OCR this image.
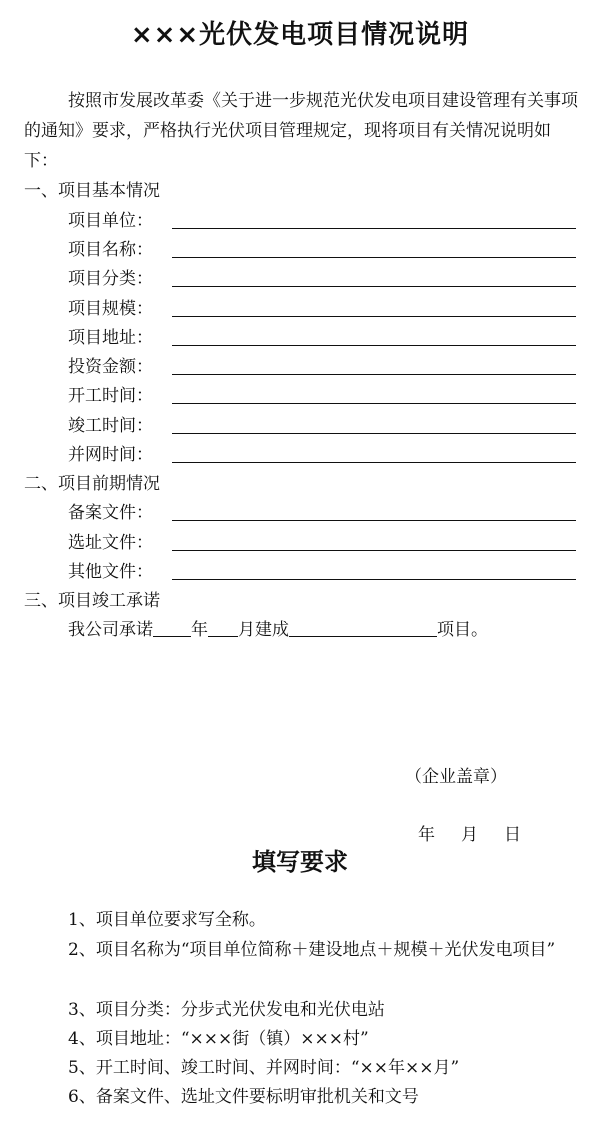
×××光伏发电项目情况说明
按照市发展改革委《关于进一步规范光伏发电项目建设管理有关事项的通知》要求，严格执行光伏项目管理规定，现将项目有关情况说明如下：
一、项目基本情况
项目单位：
项目名称：
项目分类：
项目规模：
项目地址：
投资金额：
开工时间：
竣工时间：
并网时间：
二、项目前期情况
备案文件：
选址文件：
其他文件：
三、项目竣工承诺
我公司承诺 年 月建成	项目。
（企业盖章）
年 月 日
填写要求
1、项目单位要求写全称。
2、项目名称为“项目单位简称＋建设地点＋规模＋光伏发电项目”
3、项目分类：分步式光伏发电和光伏电站
4、项目地址：“×××街（镇）×××村”
5、开工时间、竣工时间、并网时间：“××年××月”
6、备案文件、选址文件要标明审批机关和文号
